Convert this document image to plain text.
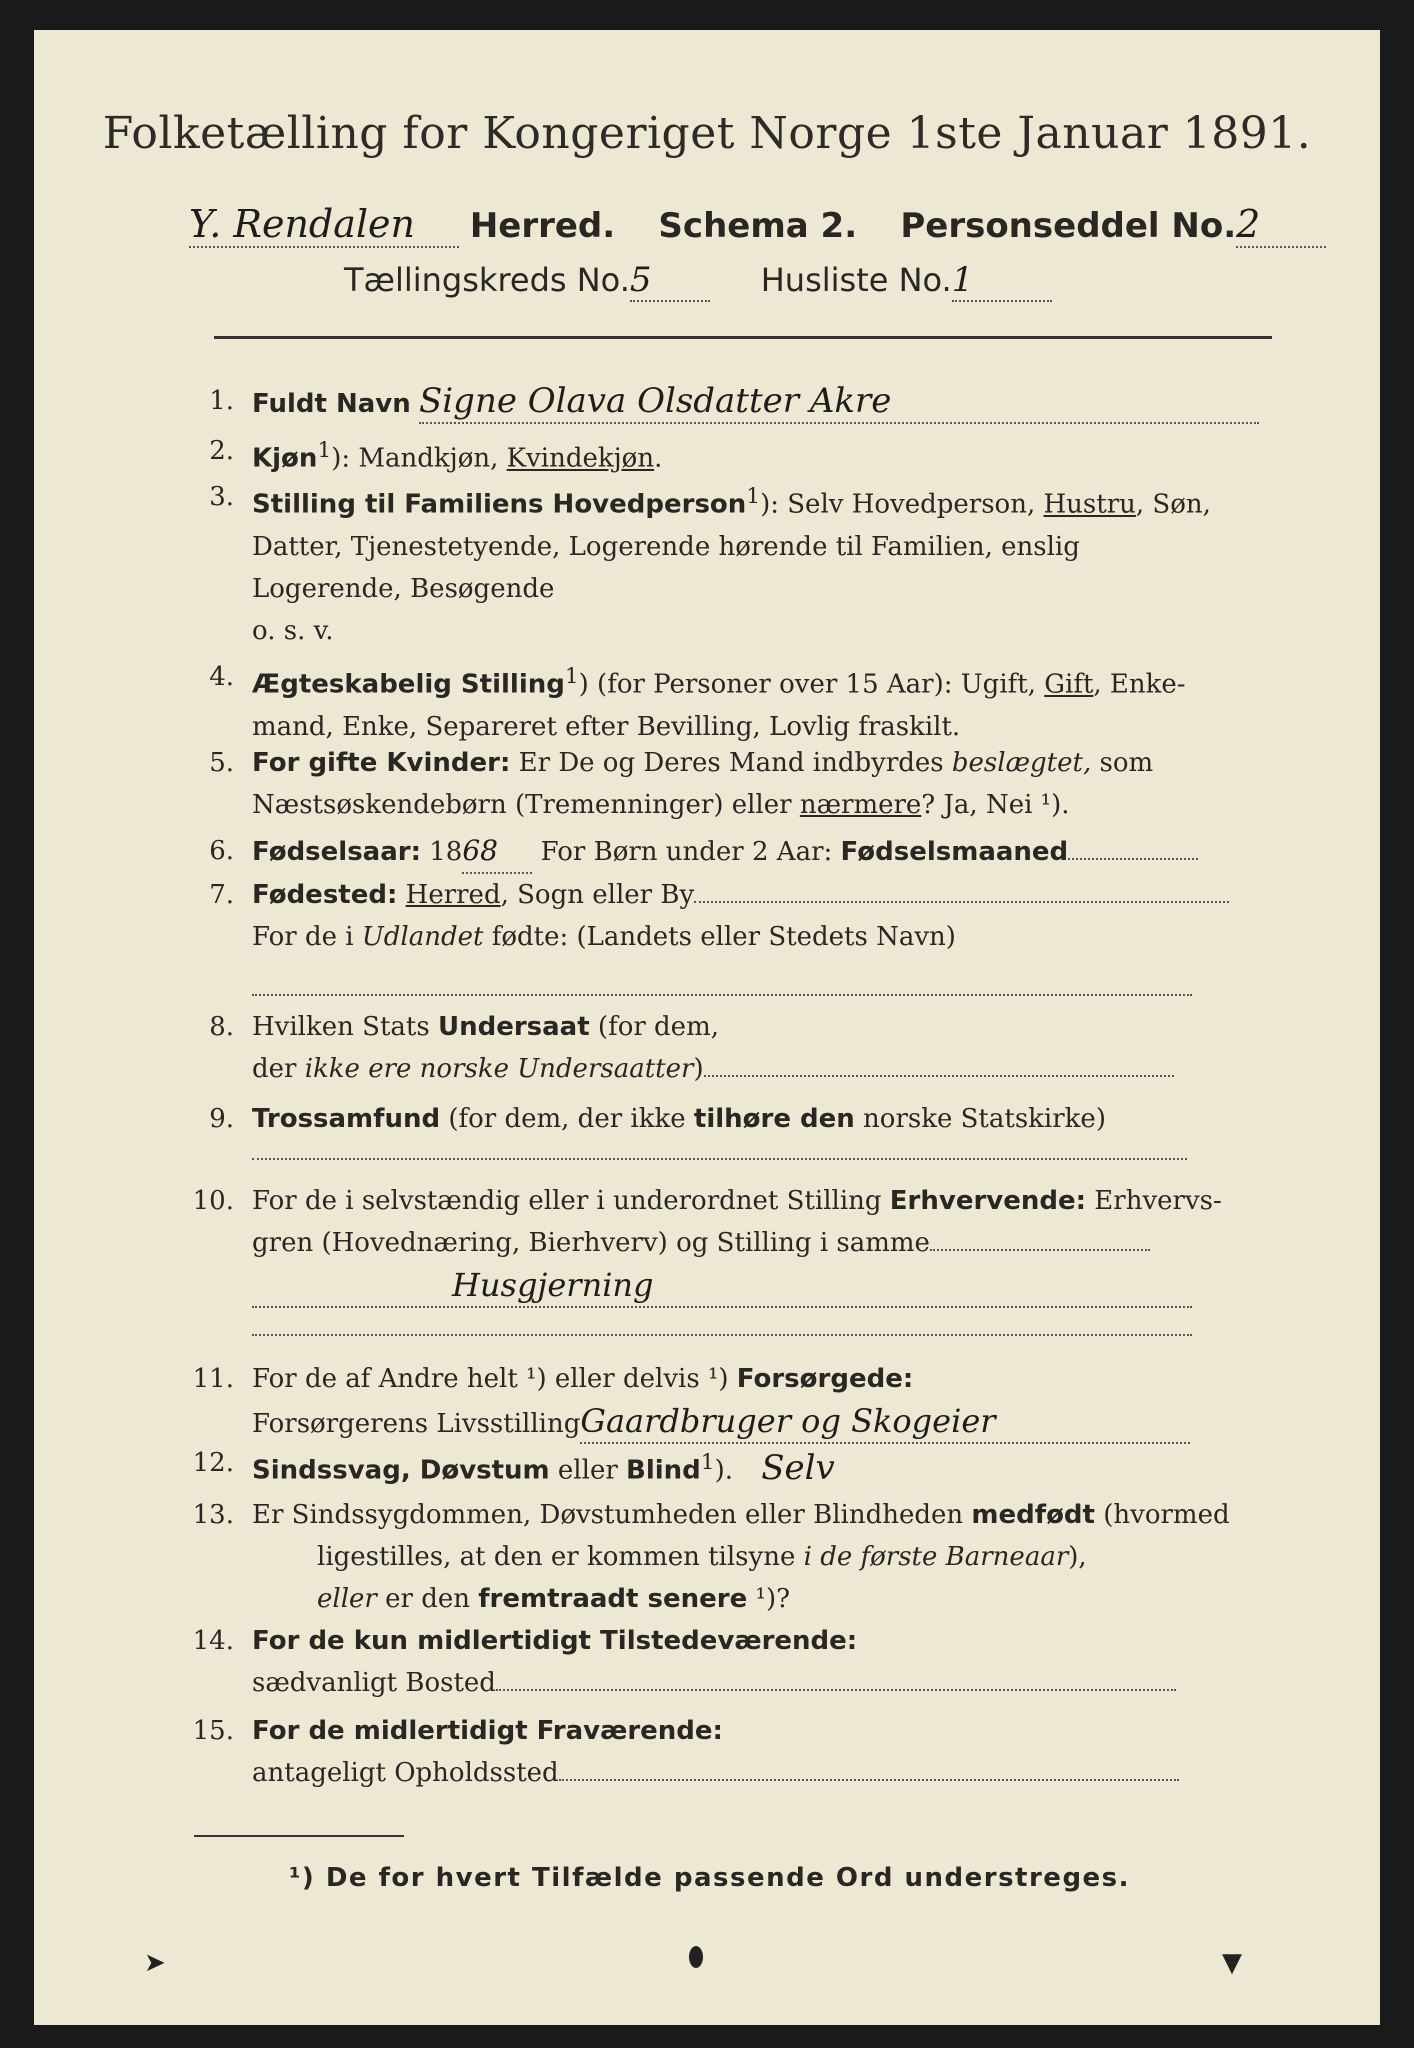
Folketælling for Kongeriget Norge 1ste Januar 1891.
Y. Rendalen Herred. Schema 2. Personseddel No.2
Tællingskreds No.5	Husliste No.1
1. Fuldt Navn Signe Olava Olsdatter Akre
2. Kjøn$^1$): Mandkjøn, Kvindekjøn.
3. Stilling til Familiens Hovedperson$^1$): Selv Hovedperson, Hustru, Søn,
Datter, Tjenestetyende, Logerende hørende til Familien, enslig
Logerende, Besøgende
o. s. v.
4. Ægteskabelig Stilling$^1$) (for Personer over 15 Aar): Ugift, Gift, Enke-
mand, Enke, Separeret efter Bevilling, Lovlig fraskilt.
5. For gifte Kvinder: Er De og Deres Mand indbyrdes beslægtet, som
Næstsøskendebørn (Tremenninger) eller nærmere? Ja, Nei ¹).
6. Fødselsaar: 1868 For Børn under 2 Aar: Fødselsmaaned
7. Fødested: Herred, Sogn eller By
For de i Udlandet fødte: (Landets eller Stedets Navn)
8. Hvilken Stats Undersaat (for dem,
der ikke ere norske Undersaatter)
9. Trossamfund (for dem, der ikke tilhøre den norske Statskirke)
10. For de i selvstændig eller i underordnet Stilling Erhvervende: Erhvervs-
gren (Hovednæring, Bierhverv) og Stilling i samme
Husgjerning
11. For de af Andre helt ¹) eller delvis ¹) Forsørgede:
Forsørgerens LivsstillingGaardbruger og Skogeier
12. Sindssvag, Døvstum eller Blind$^1$). Selv
13. Er Sindssygdommen, Døvstumheden eller Blindheden medfødt (hvormed
ligestilles, at den er kommen tilsyne i de første Barneaar),
eller er den fremtraadt senere ¹)?
14. For de kun midlertidigt Tilstedeværende:
sædvanligt Bosted
15. For de midlertidigt Fraværende:
antageligt Opholdssted
¹) De for hvert Tilfælde passende Ord understreges.
➤	▼
